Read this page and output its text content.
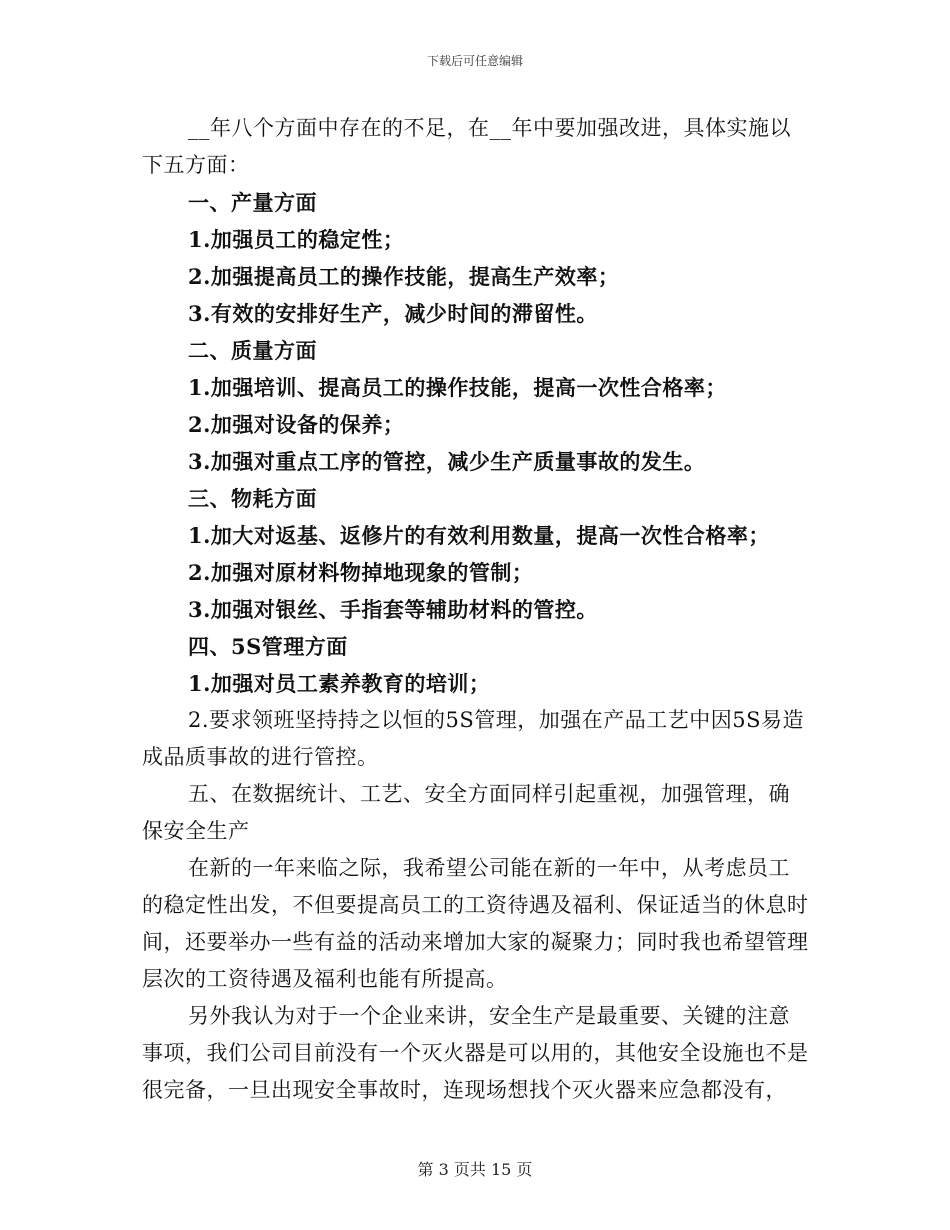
下载后可任意编辑

__年八个方面中存在的不足，在__年中要加强改进，具体实施以下五方面：

一、产量方面

1.加强员工的稳定性；

2.加强提高员工的操作技能，提高生产效率；

3.有效的安排好生产，减少时间的滞留性。

二、质量方面

1.加强培训、提高员工的操作技能，提高一次性合格率；

2.加强对设备的保养；

3.加强对重点工序的管控，减少生产质量事故的发生。

三、物耗方面

1.加大对返基、返修片的有效利用数量，提高一次性合格率；

2.加强对原材料物掉地现象的管制；

3.加强对银丝、手指套等辅助材料的管控。

四、5S管理方面

1.加强对员工素养教育的培训；

2.要求领班坚持持之以恒的5S管理，加强在产品工艺中因5S易造成品质事故的进行管控。

五、在数据统计、工艺、安全方面同样引起重视，加强管理，确保安全生产

在新的一年来临之际，我希望公司能在新的一年中，从考虑员工的稳定性出发，不但要提高员工的工资待遇及福利、保证适当的休息时间，还要举办一些有益的活动来增加大家的凝聚力；同时我也希望管理层次的工资待遇及福利也能有所提高。

另外我认为对于一个企业来讲，安全生产是最重要、关键的注意事项，我们公司目前没有一个灭火器是可以用的，其他安全设施也不是很完备，一旦出现安全事故时，连现场想找个灭火器来应急都没有，

第 3 页共 15 页
